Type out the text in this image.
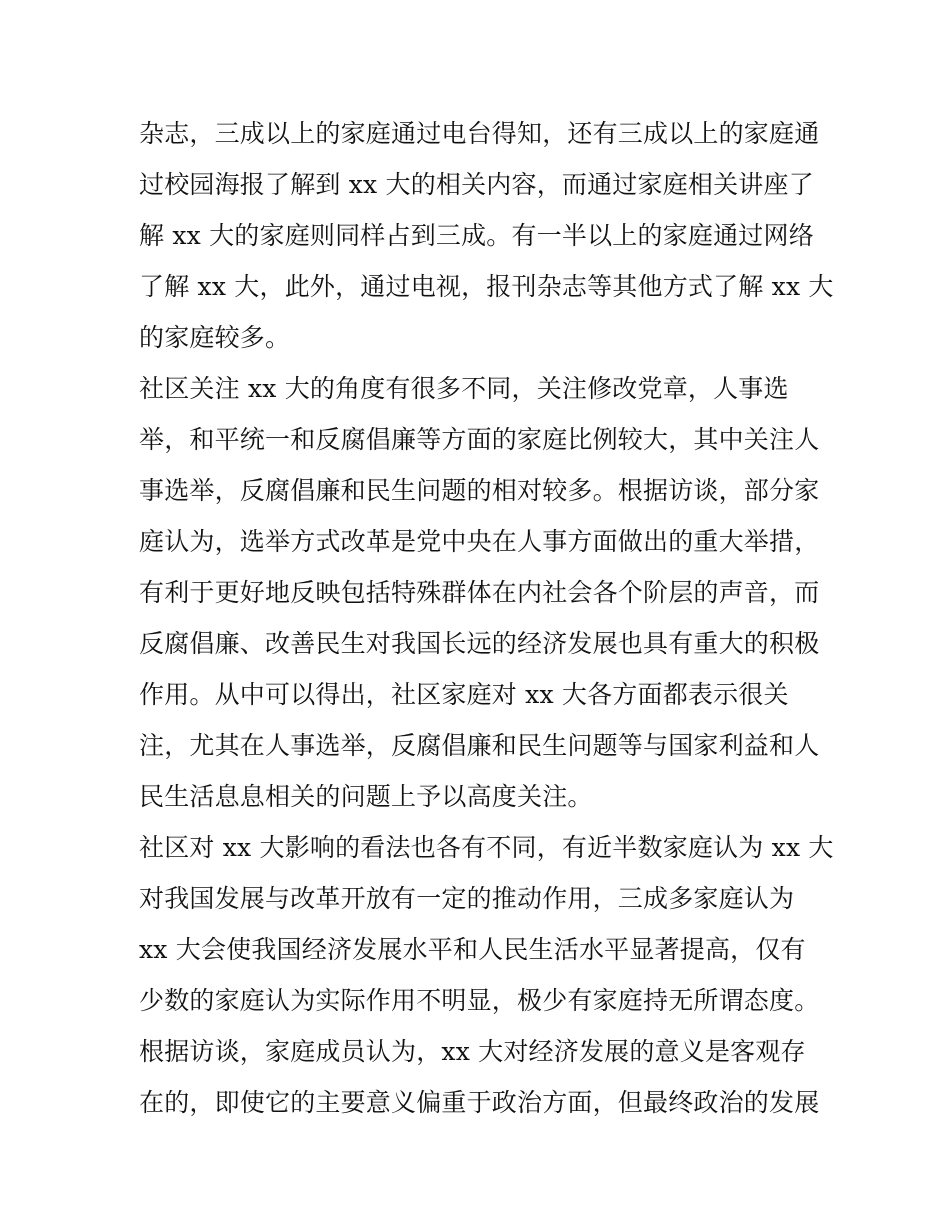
杂志，三成以上的家庭通过电台得知，还有三成以上的家庭通
过校园海报了解到 xx 大的相关内容，而通过家庭相关讲座了
解 xx 大的家庭则同样占到三成。有一半以上的家庭通过网络
了解 xx 大，此外，通过电视，报刊杂志等其他方式了解 xx 大
的家庭较多。
社区关注 xx 大的角度有很多不同，关注修改党章，人事选
举，和平统一和反腐倡廉等方面的家庭比例较大，其中关注人
事选举，反腐倡廉和民生问题的相对较多。根据访谈，部分家
庭认为，选举方式改革是党中央在人事方面做出的重大举措，
有利于更好地反映包括特殊群体在内社会各个阶层的声音，而
反腐倡廉、改善民生对我国长远的经济发展也具有重大的积极
作用。从中可以得出，社区家庭对 xx 大各方面都表示很关
注，尤其在人事选举，反腐倡廉和民生问题等与国家利益和人
民生活息息相关的问题上予以高度关注。
社区对 xx 大影响的看法也各有不同，有近半数家庭认为 xx 大
对我国发展与改革开放有一定的推动作用，三成多家庭认为
xx 大会使我国经济发展水平和人民生活水平显著提高，仅有
少数的家庭认为实际作用不明显，极少有家庭持无所谓态度。
根据访谈，家庭成员认为，xx 大对经济发展的意义是客观存
在的，即使它的主要意义偏重于政治方面，但最终政治的发展
